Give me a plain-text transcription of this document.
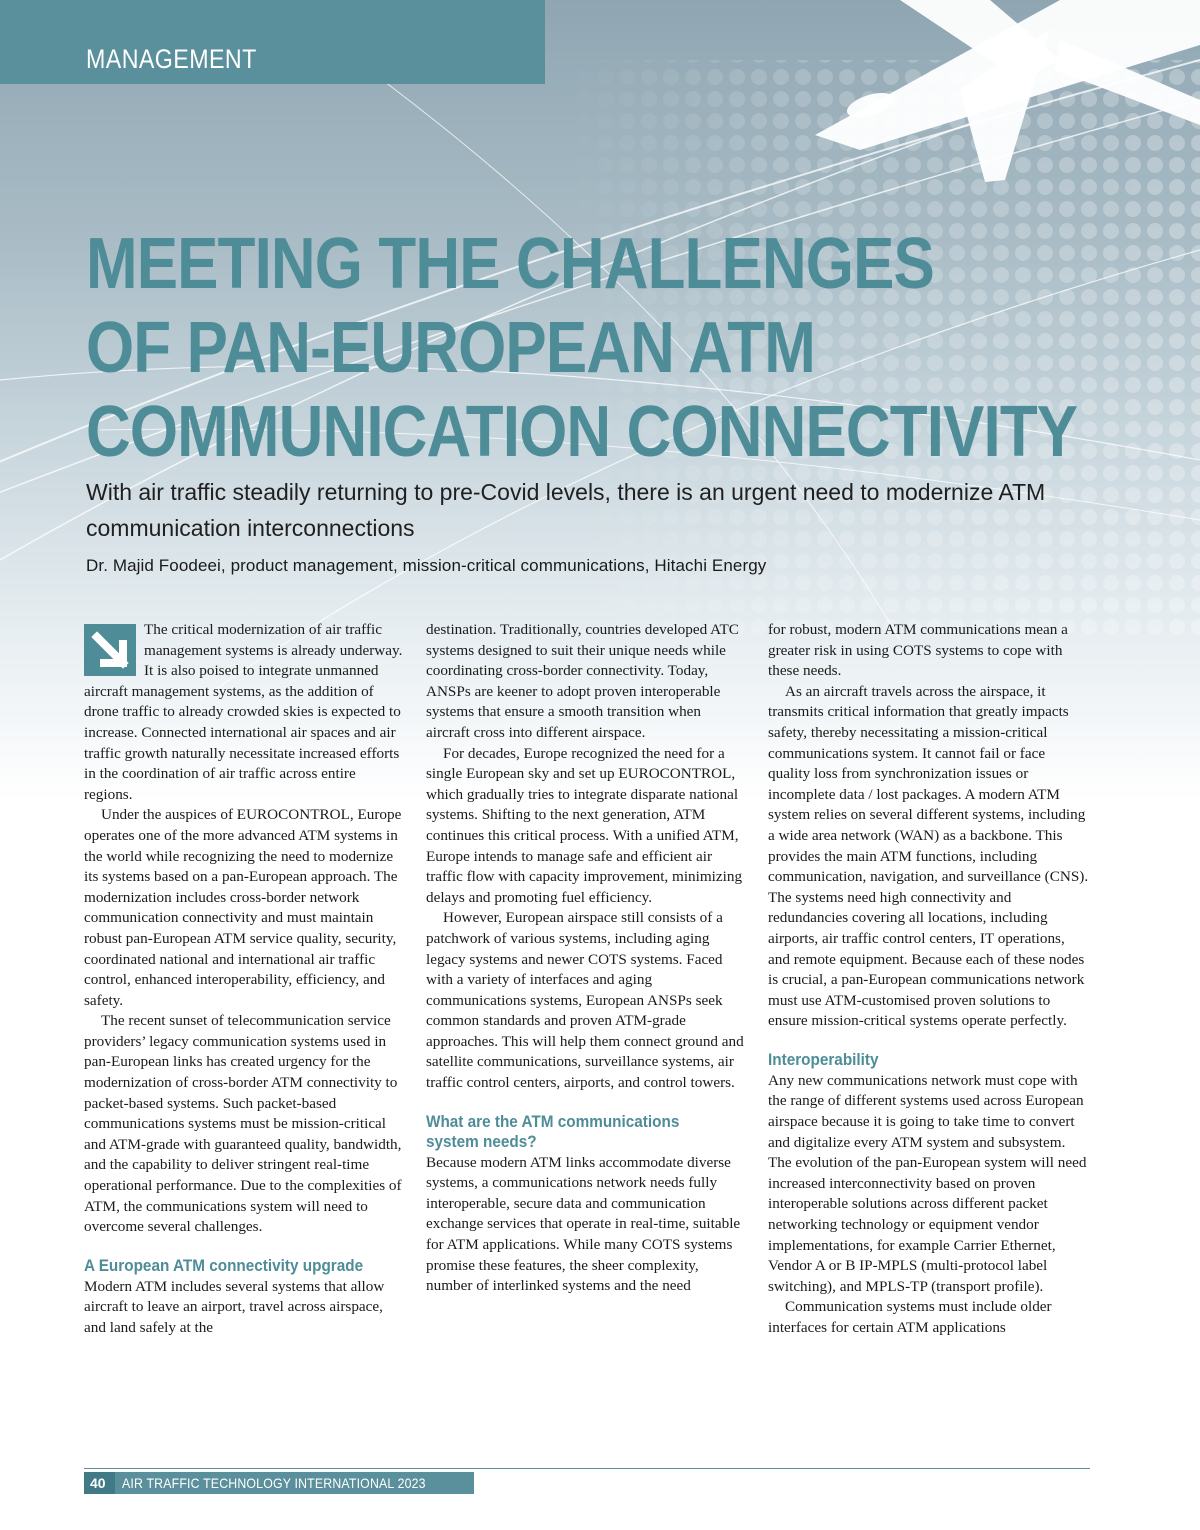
MANAGEMENT
MEETING THE CHALLENGES
OF PAN-EUROPEAN ATM
COMMUNICATION CONNECTIVITY

With air traffic steadily returning to pre-Covid levels, there is an urgent need to modernize ATM communication interconnections

Dr. Majid Foodeei, product management, mission-critical communications, Hitachi Energy

The critical modernization of air traffic management systems is already underway. It is also poised to integrate unmanned aircraft management systems, as the addition of drone traffic to already crowded skies is expected to increase. Connected international air spaces and air traffic growth naturally necessitate increased efforts in the coordination of air traffic across entire regions.

Under the auspices of EUROCONTROL, Europe operates one of the more advanced ATM systems in the world while recognizing the need to modernize its systems based on a pan-European approach. The modernization includes cross-border network communication connectivity and must maintain robust pan-European ATM service quality, security, coordinated national and international air traffic control, enhanced interoperability, efficiency, and safety.

The recent sunset of telecommunication service providers’ legacy communication systems used in pan-European links has created urgency for the modernization of cross-border ATM connectivity to packet-based systems. Such packet-based communications systems must be mission-critical and ATM-grade with guaranteed quality, bandwidth, and the capability to deliver stringent real-time operational performance. Due to the complexities of ATM, the communications system will need to overcome several challenges.

A European ATM connectivity upgrade

Modern ATM includes several systems that allow aircraft to leave an airport, travel across airspace, and land safely at the

destination. Traditionally, countries developed ATC systems designed to suit their unique needs while coordinating cross-border connectivity. Today, ANSPs are keener to adopt proven interoperable systems that ensure a smooth transition when aircraft cross into different airspace.

For decades, Europe recognized the need for a single European sky and set up EUROCONTROL, which gradually tries to integrate disparate national systems. Shifting to the next generation, ATM continues this critical process. With a unified ATM, Europe intends to manage safe and efficient air traffic flow with capacity improvement, minimizing delays and promoting fuel efficiency.

However, European airspace still consists of a patchwork of various systems, including aging legacy systems and newer COTS systems. Faced with a variety of interfaces and aging communications systems, European ANSPs seek common standards and proven ATM-grade approaches. This will help them connect ground and satellite communications, surveillance systems, air traffic control centers, airports, and control towers.

What are the ATM communications system needs?

Because modern ATM links accommodate diverse systems, a communications network needs fully interoperable, secure data and communication exchange services that operate in real-time, suitable for ATM applications. While many COTS systems promise these features, the sheer complexity, number of interlinked systems and the need

for robust, modern ATM communications mean a greater risk in using COTS systems to cope with these needs.

As an aircraft travels across the airspace, it transmits critical information that greatly impacts safety, thereby necessitating a mission-critical communications system. It cannot fail or face quality loss from synchronization issues or incomplete data / lost packages. A modern ATM system relies on several different systems, including a wide area network (WAN) as a backbone. This provides the main ATM functions, including communication, navigation, and surveillance (CNS). The systems need high connectivity and redundancies covering all locations, including airports, air traffic control centers, IT operations, and remote equipment. Because each of these nodes is crucial, a pan-European communications network must use ATM-customised proven solutions to ensure mission-critical systems operate perfectly.

Interoperability

Any new communications network must cope with the range of different systems used across European airspace because it is going to take time to convert and digitalize every ATM system and subsystem. The evolution of the pan-European system will need increased interconnectivity based on proven interoperable solutions across different packet networking technology or equipment vendor implementations, for example Carrier Ethernet, Vendor A or B IP-MPLS (multi-protocol label switching), and MPLS-TP (transport profile).

Communication systems must include older interfaces for certain ATM applications

40	AIR TRAFFIC TECHNOLOGY INTERNATIONAL 2023
